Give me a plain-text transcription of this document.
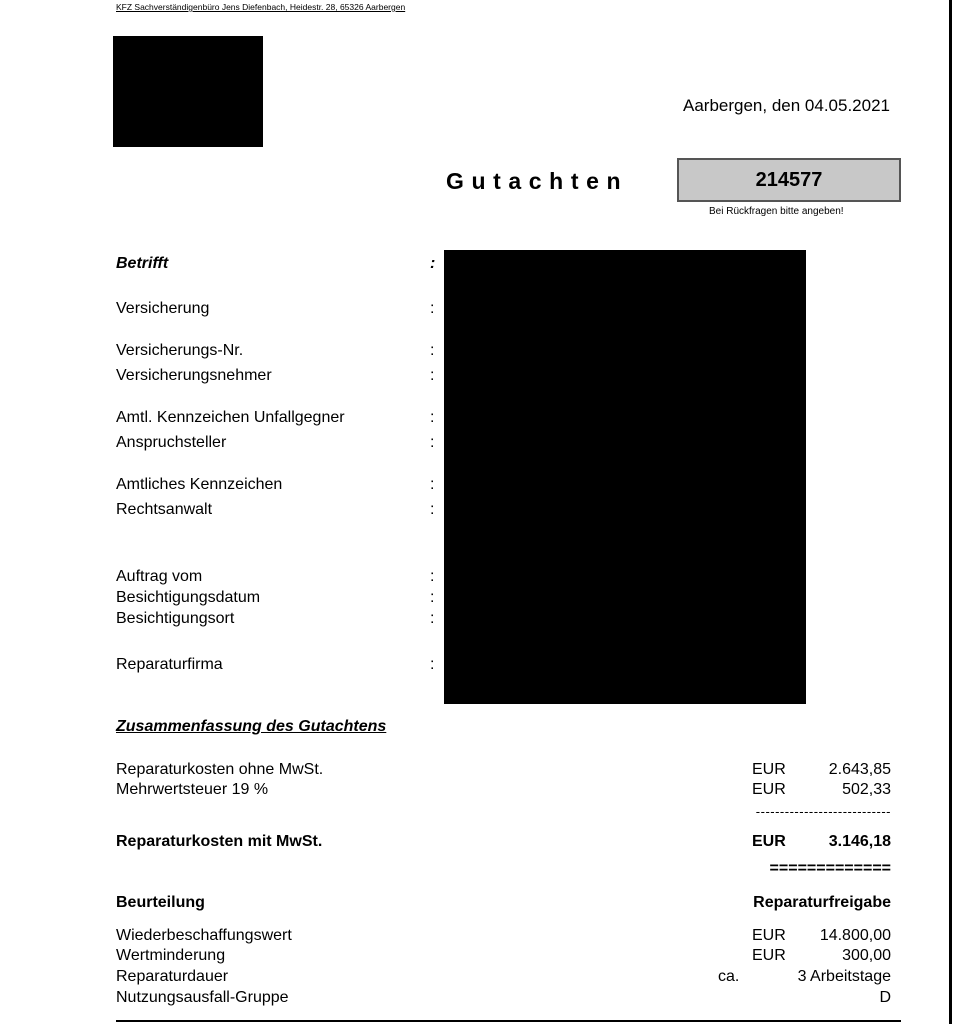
KFZ Sachverständigenbüro Jens Diefenbach, Heidestr. 28, 65326 Aarbergen
Aarbergen, den 04.05.2021
Gutachten	214577
Bei Rückfragen bitte angeben!
Betrifft	:
Versicherung	:
Versicherungs-Nr.	:
Versicherungsnehmer	:
Amtl. Kennzeichen Unfallgegner	:
Anspruchsteller	:
Amtliches Kennzeichen	:
Rechtsanwalt	:
Auftrag vom	:
Besichtigungsdatum	:
Besichtigungsort	:
Reparaturfirma	:
Zusammenfassung des Gutachtens
Reparaturkosten ohne MwSt.	EUR	2.643,85
Mehrwertsteuer 19 %	EUR	502,33
----------------------------
Reparaturkosten mit MwSt.	EUR	3.146,18
=============
Beurteilung	Reparaturfreigabe
Wiederbeschaffungswert	EUR 14.800,00
Wertminderung	EUR	300,00
Reparaturdauer	ca.	3 Arbeitstage
Nutzungsausfall-Gruppe	D
